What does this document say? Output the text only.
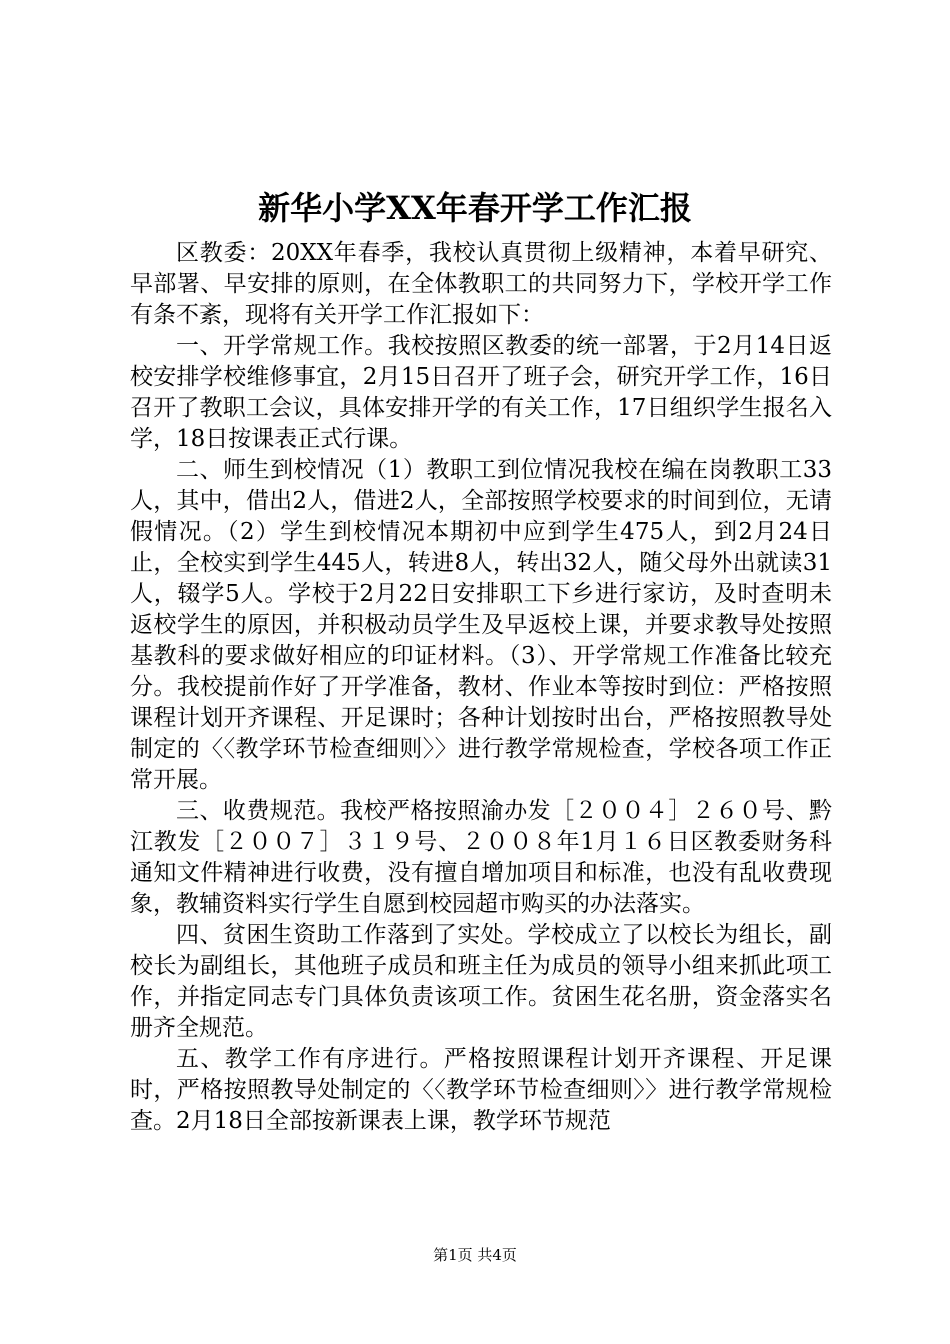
新华小学XX年春开学工作汇报

区教委：20XX年春季，我校认真贯彻上级精神，本着早研究、早部署、早安排的原则，在全体教职工的共同努力下，学校开学工作有条不紊，现将有关开学工作汇报如下：

一、开学常规工作。我校按照区教委的统一部署，于2月14日返校安排学校维修事宜，2月15日召开了班子会，研究开学工作，16日召开了教职工会议，具体安排开学的有关工作，17日组织学生报名入学，18日按课表正式行课。

二、师生到校情况（1）教职工到位情况我校在编在岗教职工33人，其中，借出2人，借进2人，全部按照学校要求的时间到位，无请假情况。（2）学生到校情况本期初中应到学生475人，到2月24日止，全校实到学生445人，转进8人，转出32人，随父母外出就读31人，辍学5人。学校于2月22日安排职工下乡进行家访，及时查明未返校学生的原因，并积极动员学生及早返校上课，并要求教导处按照基教科的要求做好相应的印证材料。（3）、开学常规工作准备比较充分。我校提前作好了开学准备，教材、作业本等按时到位：严格按照课程计划开齐课程、开足课时；各种计划按时出台，严格按照教导处制定的〈〈教学环节检查细则〉〉进行教学常规检查，学校各项工作正常开展。

三、收费规范。我校严格按照渝办发［２００４］２６０号、黔江教发［２００７］３１９号、２００８年1月１６日区教委财务科通知文件精神进行收费，没有擅自增加项目和标准，也没有乱收费现象，教辅资料实行学生自愿到校园超市购买的办法落实。

四、贫困生资助工作落到了实处。学校成立了以校长为组长，副校长为副组长，其他班子成员和班主任为成员的领导小组来抓此项工作，并指定同志专门具体负责该项工作。贫困生花名册，资金落实名册齐全规范。

五、教学工作有序进行。严格按照课程计划开齐课程、开足课时，严格按照教导处制定的〈〈教学环节检查细则〉〉进行教学常规检查。2月18日全部按新课表上课，教学环节规范

第1页 共4页
